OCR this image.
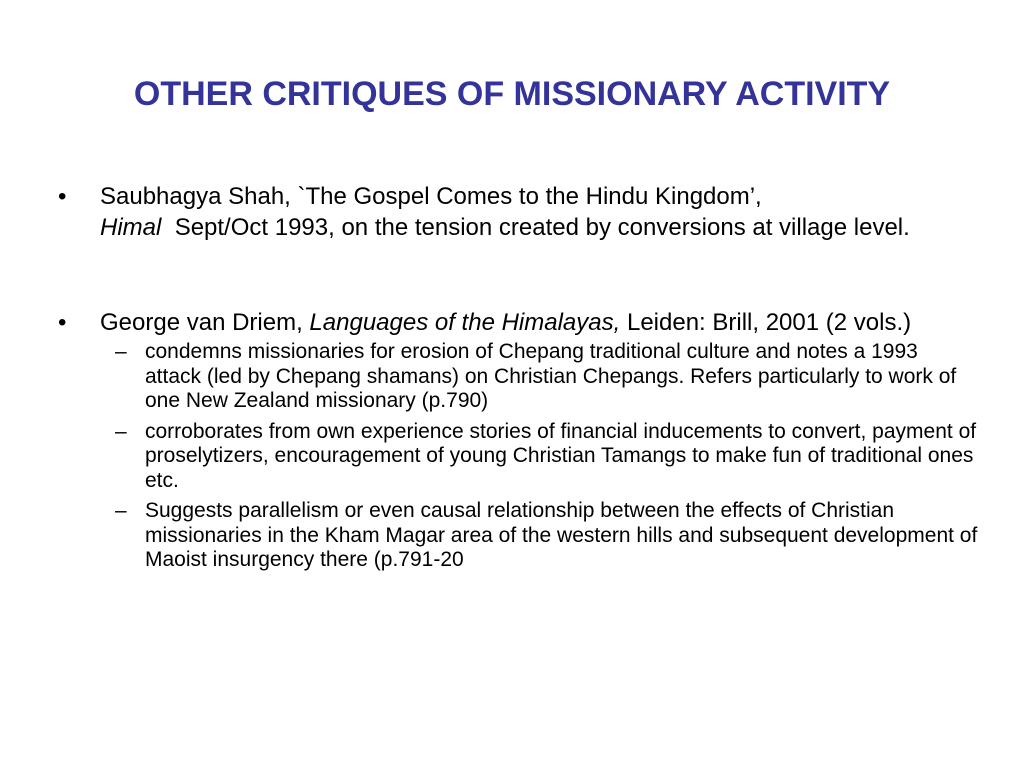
OTHER CRITIQUES OF MISSIONARY ACTIVITY
• Saubhagya Shah, `The Gospel Comes to the Hindu Kingdom’,
Himal Sept/Oct 1993, on the tension created by conversions at village level.
• George van Driem, Languages of the Himalayas, Leiden: Brill, 2001 (2 vols.)
– condemns missionaries for erosion of Chepang traditional culture and notes a 1993 attack (led by Chepang shamans) on Christian Chepangs. Refers particularly to work of one New Zealand missionary (p.790)
– corroborates from own experience stories of financial inducements to convert, payment of proselytizers, encouragement of young Christian Tamangs to make fun of traditional ones etc.
– Suggests parallelism or even causal relationship between the effects of Christian missionaries in the Kham Magar area of the western hills and subsequent development of Maoist insurgency there (p.791-20
